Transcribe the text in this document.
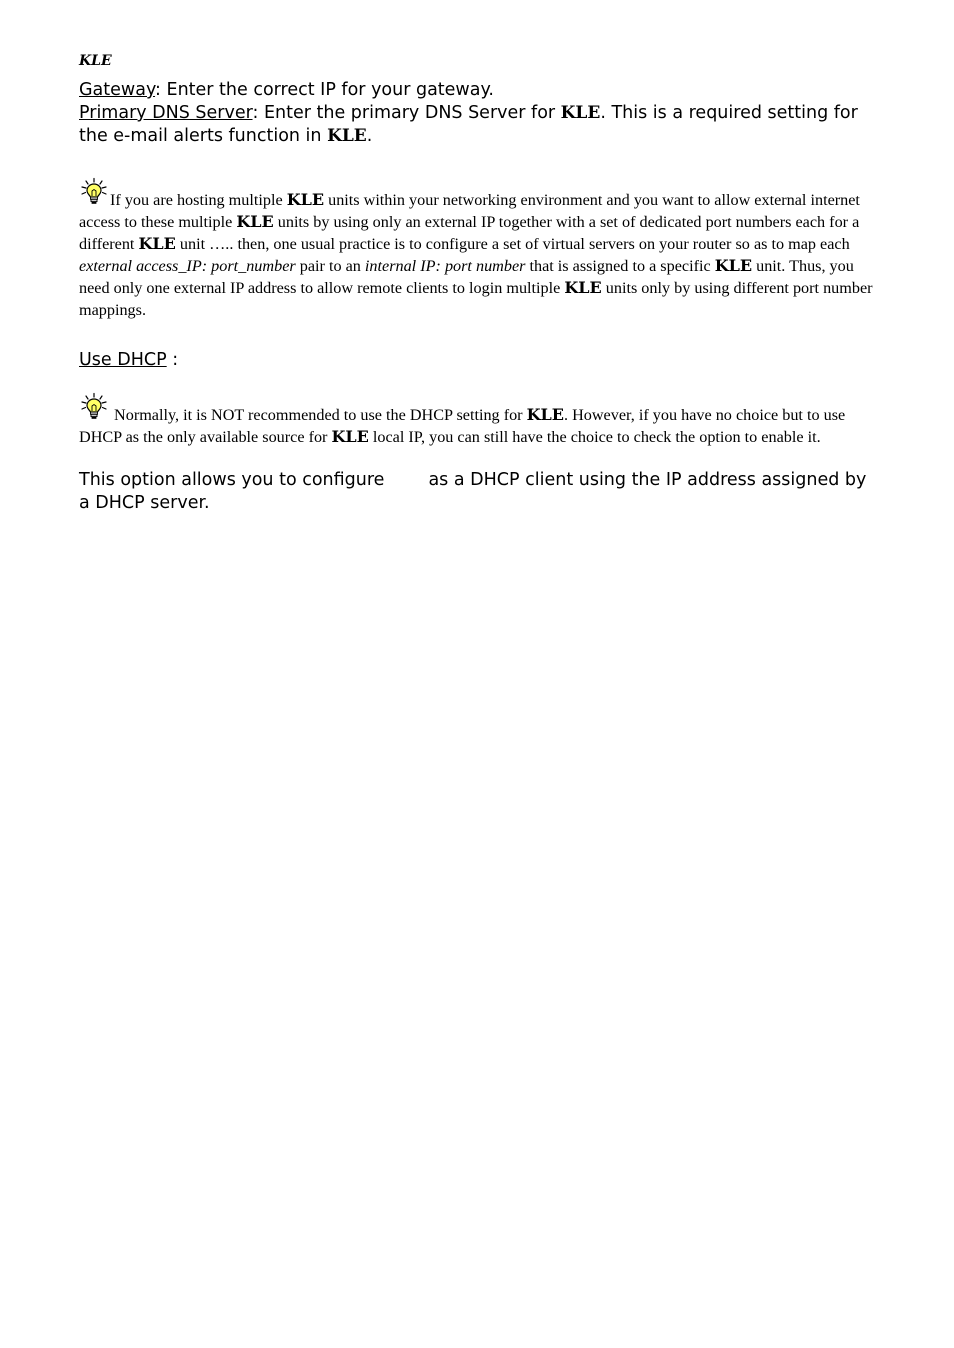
KLE

Gateway: Enter the correct IP for your gateway.

Primary DNS Server: Enter the primary DNS Server for KLE. This is a required setting for the e-mail alerts function in KLE.

If you are hosting multiple KLE units within your networking environment and you want to allow external internet access to these multiple KLE units by using only an external IP together with a set of dedicated port numbers each for a different KLE unit ….. then, one usual practice is to configure a set of virtual servers on your router so as to map each external access_IP: port_number pair to an internal IP: port number that is assigned to a specific KLE unit. Thus, you need only one external IP address to allow remote clients to login multiple KLE units only by using different port number mappings.

Use DHCP :

Normally, it is NOT recommended to use the DHCP setting for KLE. However, if you have no choice but to use DHCP as the only available source for KLE local IP, you can still have the choice to check the option to enable it.

This option allows you to configure	as a DHCP client using the IP address assigned by a DHCP server.
